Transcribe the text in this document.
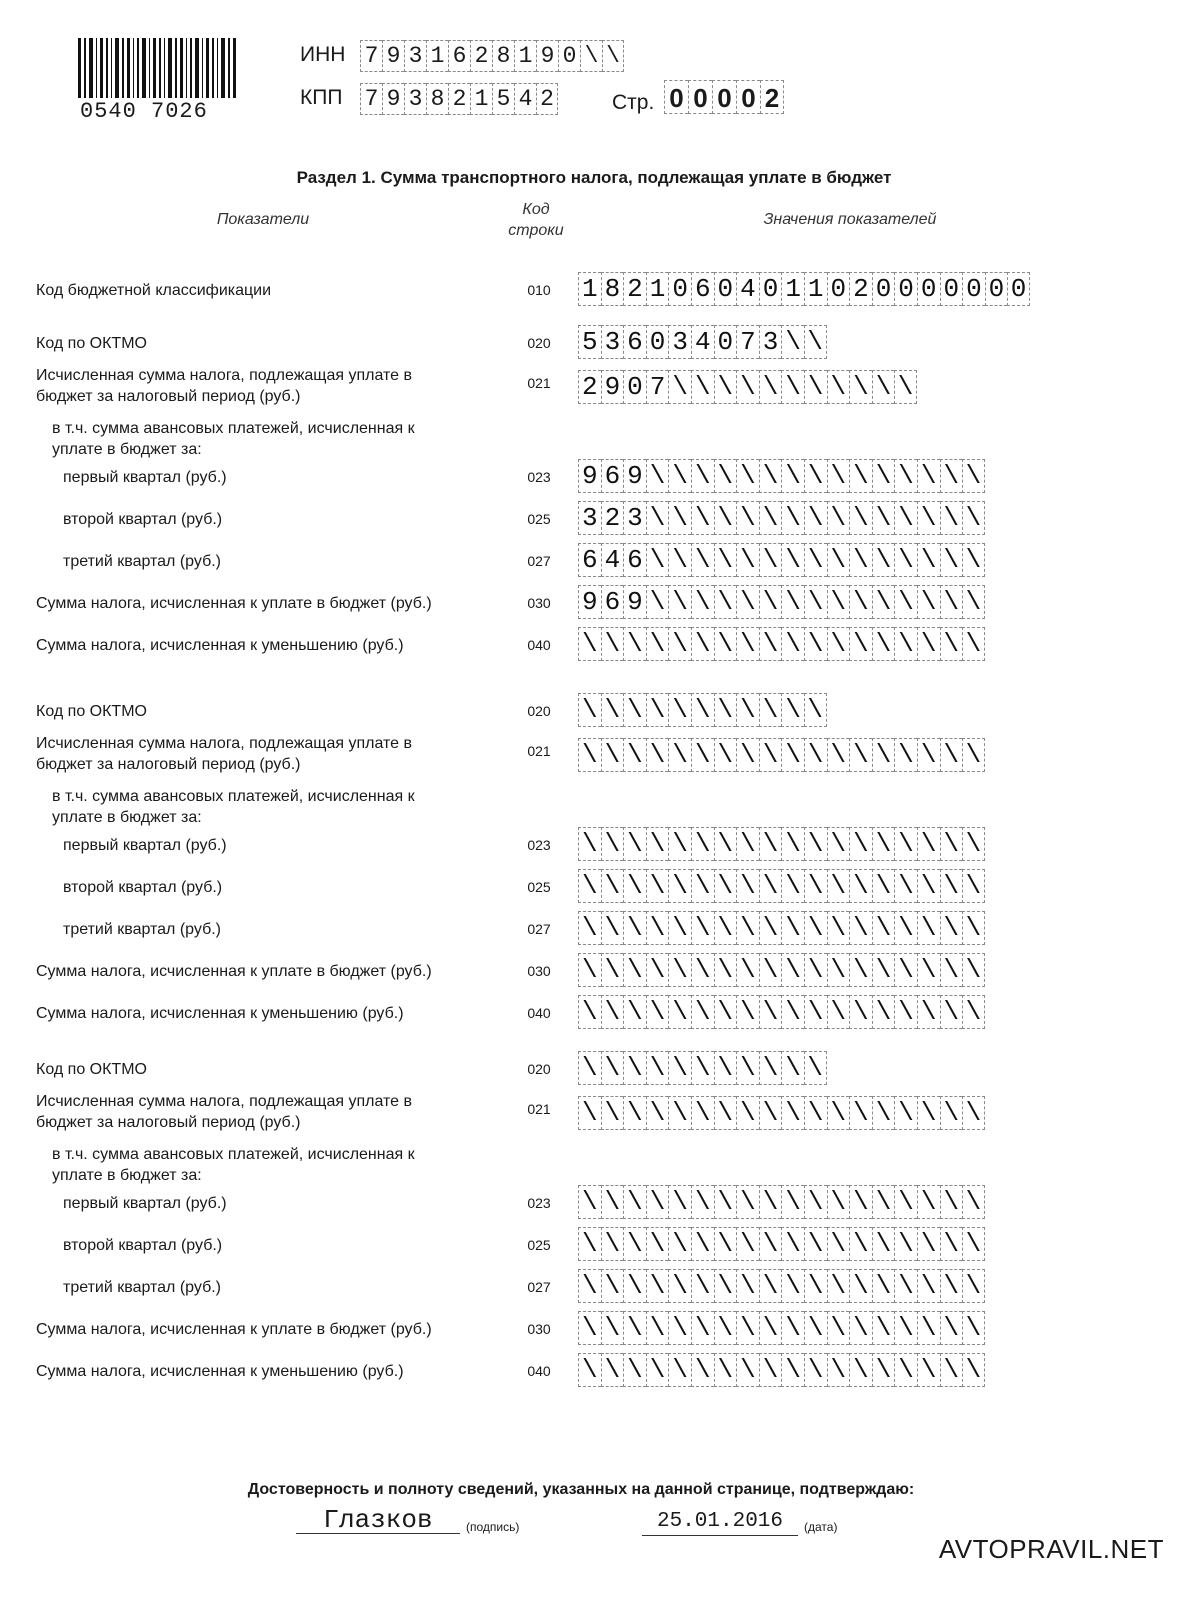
0540 7026
ИНН 7 9 3 1 6 2 8 1 9 0 \ \
КПП 7 9 3 8 2 1 5 4 2	Стр. 0 0 0 0 2
Раздел 1. Сумма транспортного налога, подлежащая уплате в бюджет
Показатели
Код
строки
Значения показателей
Код бюджетной классификации	010 1 8 2 1 0 6 0 4 0 1 1 0 2 0 0 0 0 0 0 0
Код по ОКТМО	020 5 3 6 0 3 4 0 7 3 \ \
Исчисленная сумма налога, подлежащая уплате в
бюджет за налоговый период (руб.)
021 2 9 0 7 \ \ \ \ \ \ \ \ \ \ \
в т.ч. сумма авансовых платежей, исчисленная к
уплате в бюджет за:
первый квартал (руб.)	023 9 6 9 \ \ \ \ \ \ \ \ \ \ \ \ \ \ \
второй квартал (руб.)	025 3 2 3 \ \ \ \ \ \ \ \ \ \ \ \ \ \ \
третий квартал (руб.)	027 6 4 6 \ \ \ \ \ \ \ \ \ \ \ \ \ \ \
Сумма налога, исчисленная к уплате в бюджет (руб.)	030 9 6 9 \ \ \ \ \ \ \ \ \ \ \ \ \ \ \
Сумма налога, исчисленная к уменьшению (руб.)	040 \ \ \ \ \ \ \ \ \ \ \ \ \ \ \ \ \ \
Код по ОКТМО	020 \ \ \ \ \ \ \ \ \ \ \
Исчисленная сумма налога, подлежащая уплате в
бюджет за налоговый период (руб.)
021 \ \ \ \ \ \ \ \ \ \ \ \ \ \ \ \ \ \
в т.ч. сумма авансовых платежей, исчисленная к
уплате в бюджет за:
первый квартал (руб.)	023 \ \ \ \ \ \ \ \ \ \ \ \ \ \ \ \ \ \
второй квартал (руб.)	025 \ \ \ \ \ \ \ \ \ \ \ \ \ \ \ \ \ \
третий квартал (руб.)	027 \ \ \ \ \ \ \ \ \ \ \ \ \ \ \ \ \ \
Сумма налога, исчисленная к уплате в бюджет (руб.)	030 \ \ \ \ \ \ \ \ \ \ \ \ \ \ \ \ \ \
Сумма налога, исчисленная к уменьшению (руб.)	040 \ \ \ \ \ \ \ \ \ \ \ \ \ \ \ \ \ \
Код по ОКТМО	020 \ \ \ \ \ \ \ \ \ \ \
Исчисленная сумма налога, подлежащая уплате в
бюджет за налоговый период (руб.)
021 \ \ \ \ \ \ \ \ \ \ \ \ \ \ \ \ \ \
в т.ч. сумма авансовых платежей, исчисленная к
уплате в бюджет за:
первый квартал (руб.)	023 \ \ \ \ \ \ \ \ \ \ \ \ \ \ \ \ \ \
второй квартал (руб.)	025 \ \ \ \ \ \ \ \ \ \ \ \ \ \ \ \ \ \
третий квартал (руб.)	027 \ \ \ \ \ \ \ \ \ \ \ \ \ \ \ \ \ \
Сумма налога, исчисленная к уплате в бюджет (руб.)	030 \ \ \ \ \ \ \ \ \ \ \ \ \ \ \ \ \ \
Сумма налога, исчисленная к уменьшению (руб.)	040 \ \ \ \ \ \ \ \ \ \ \ \ \ \ \ \ \ \
Достоверность и полноту сведений, указанных на данной странице, подтверждаю:
Глазков	(подпись)	25.01.2016	(дата)
AVTOPRAVIL.NET
